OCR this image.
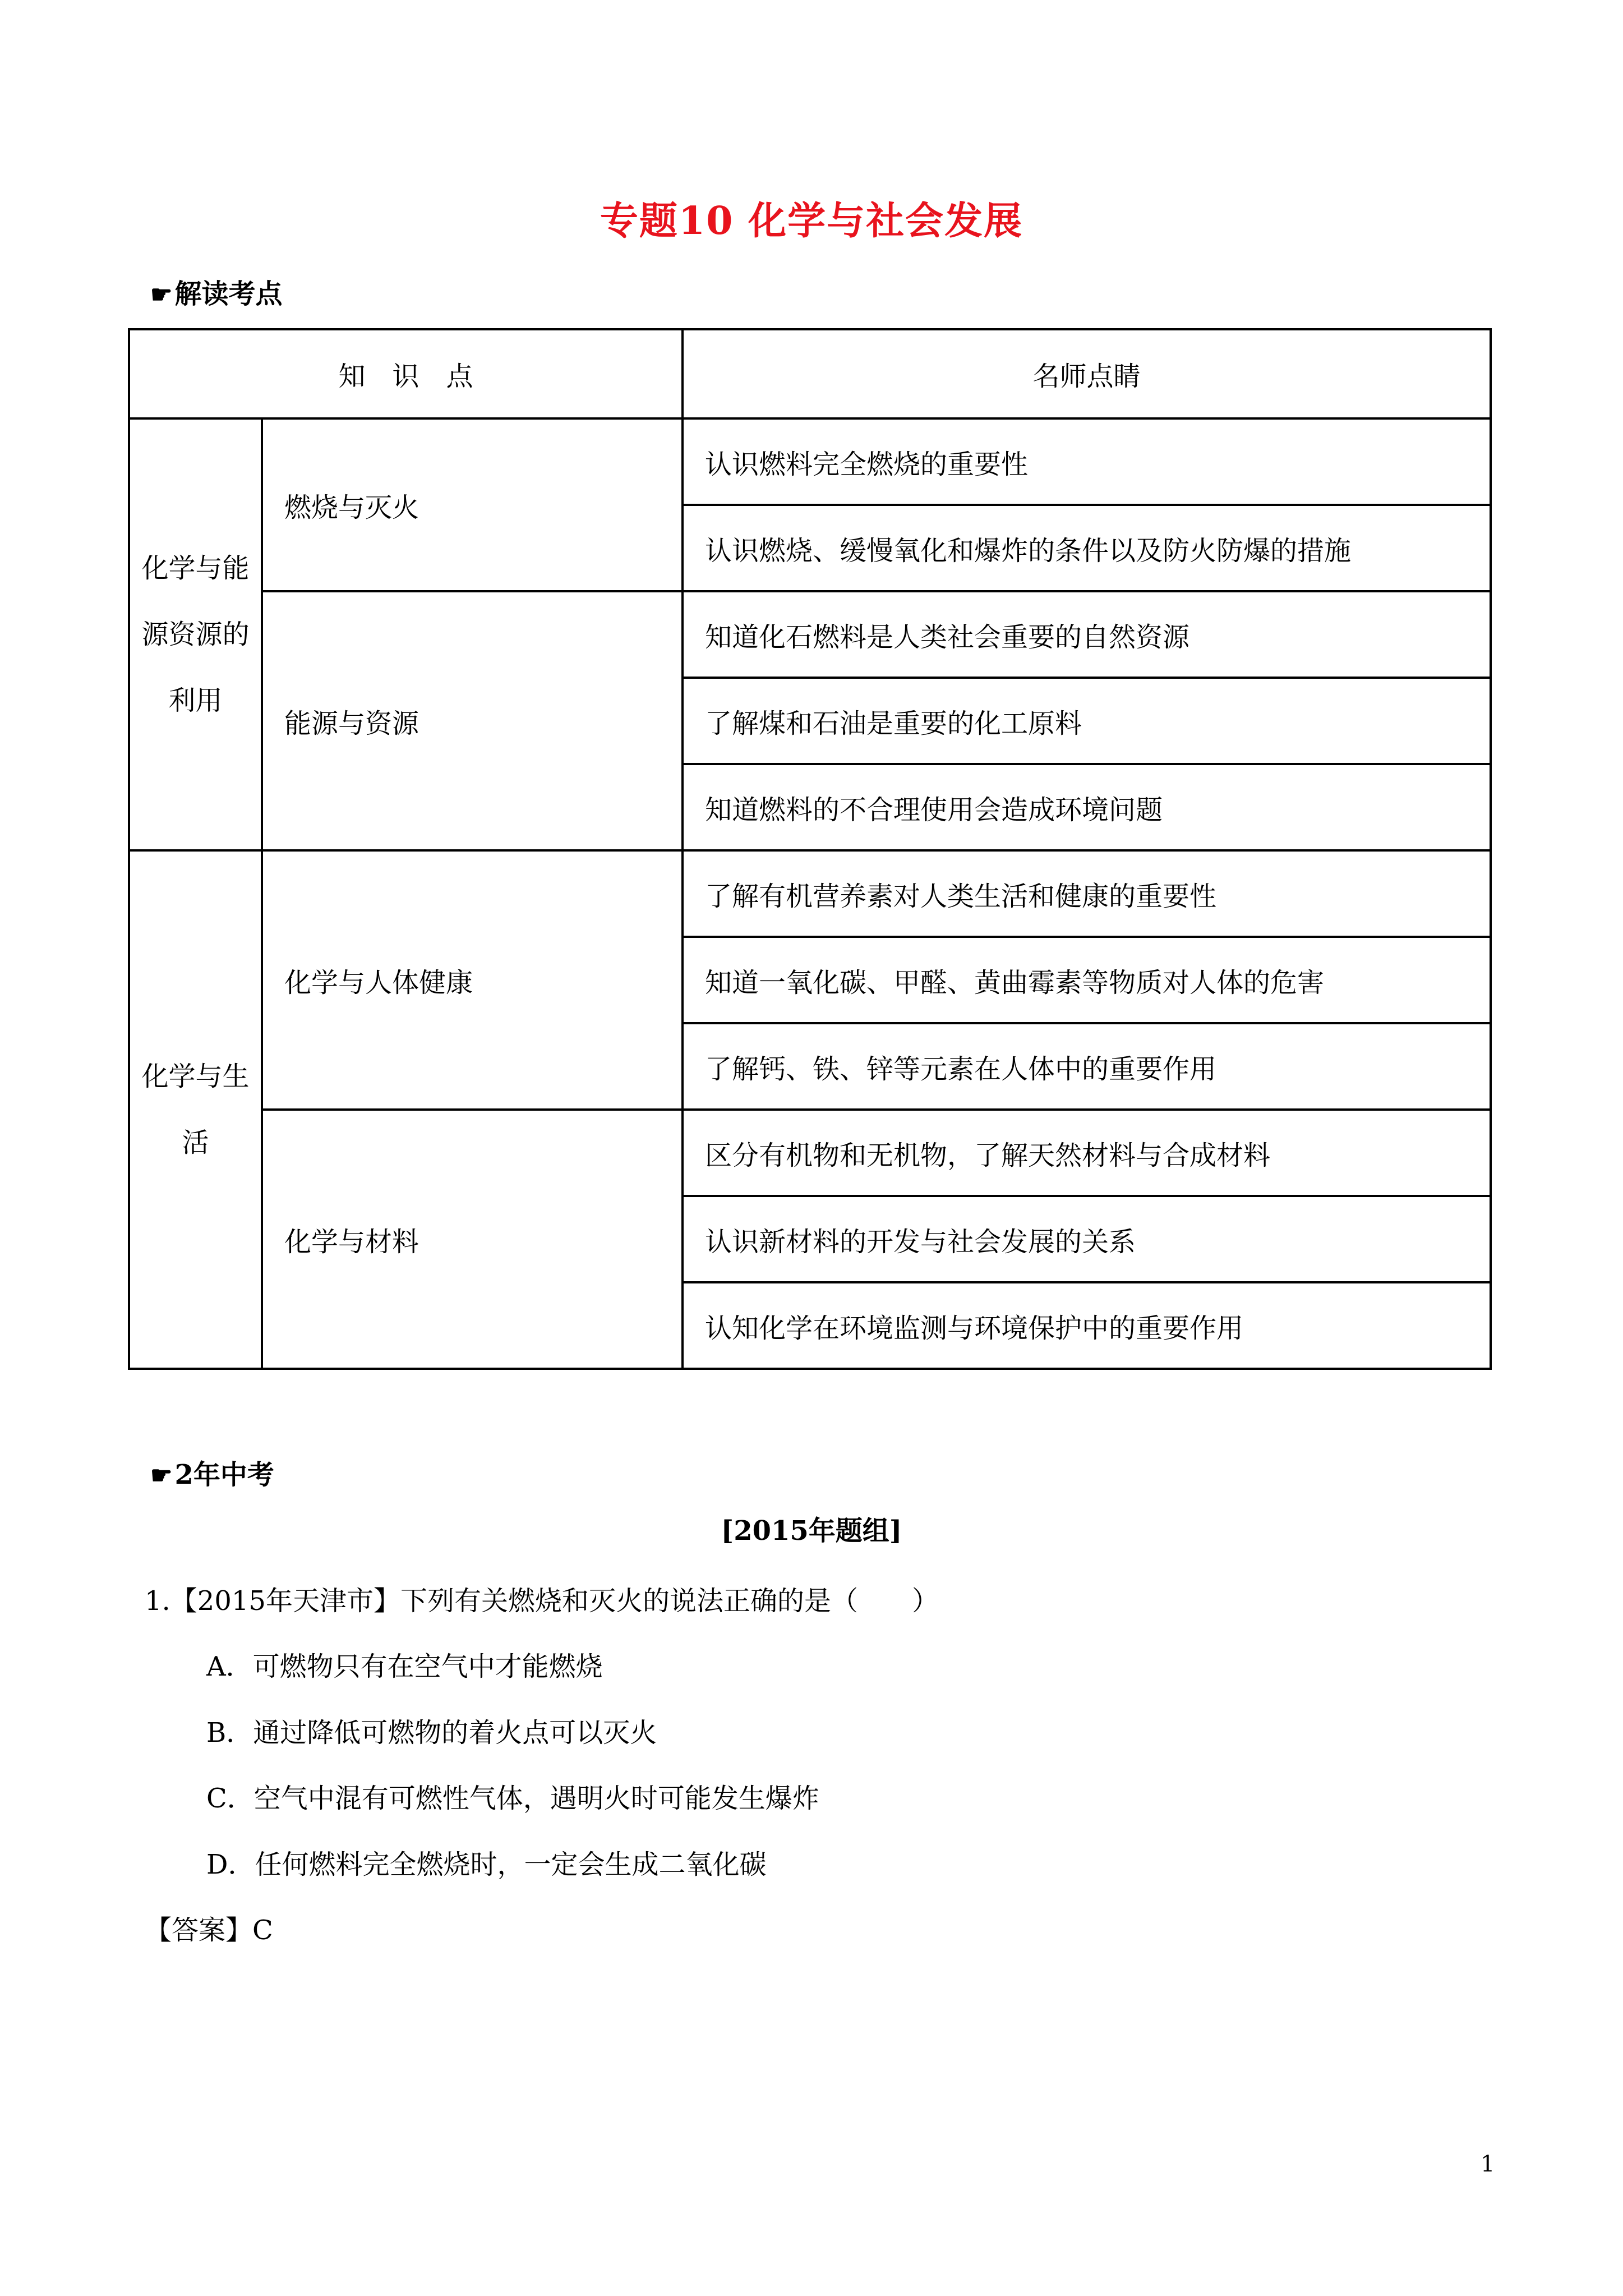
专题10 化学与社会发展
☛解读考点
知　识　点		名师点睛
化学与能源资源的利用	燃烧与灭火	认识燃料完全燃烧的重要性
		认识燃烧、缓慢氧化和爆炸的条件以及防火防爆的措施
	能源与资源	知道化石燃料是人类社会重要的自然资源
		了解煤和石油是重要的化工原料
		知道燃料的不合理使用会造成环境问题
化学与生活	化学与人体健康	了解有机营养素对人类生活和健康的重要性
		知道一氧化碳、甲醛、黄曲霉素等物质对人体的危害
		了解钙、铁、锌等元素在人体中的重要作用
	化学与材料	区分有机物和无机物，了解天然材料与合成材料
		认识新材料的开发与社会发展的关系
		认知化学在环境监测与环境保护中的重要作用
☛2年中考
[2015年题组]
1.【2015年天津市】下列有关燃烧和灭火的说法正确的是（　　）
A．可燃物只有在空气中才能燃烧
B．通过降低可燃物的着火点可以灭火
C．空气中混有可燃性气体，遇明火时可能发生爆炸
D．任何燃料完全燃烧时，一定会生成二氧化碳
【答案】C
1
